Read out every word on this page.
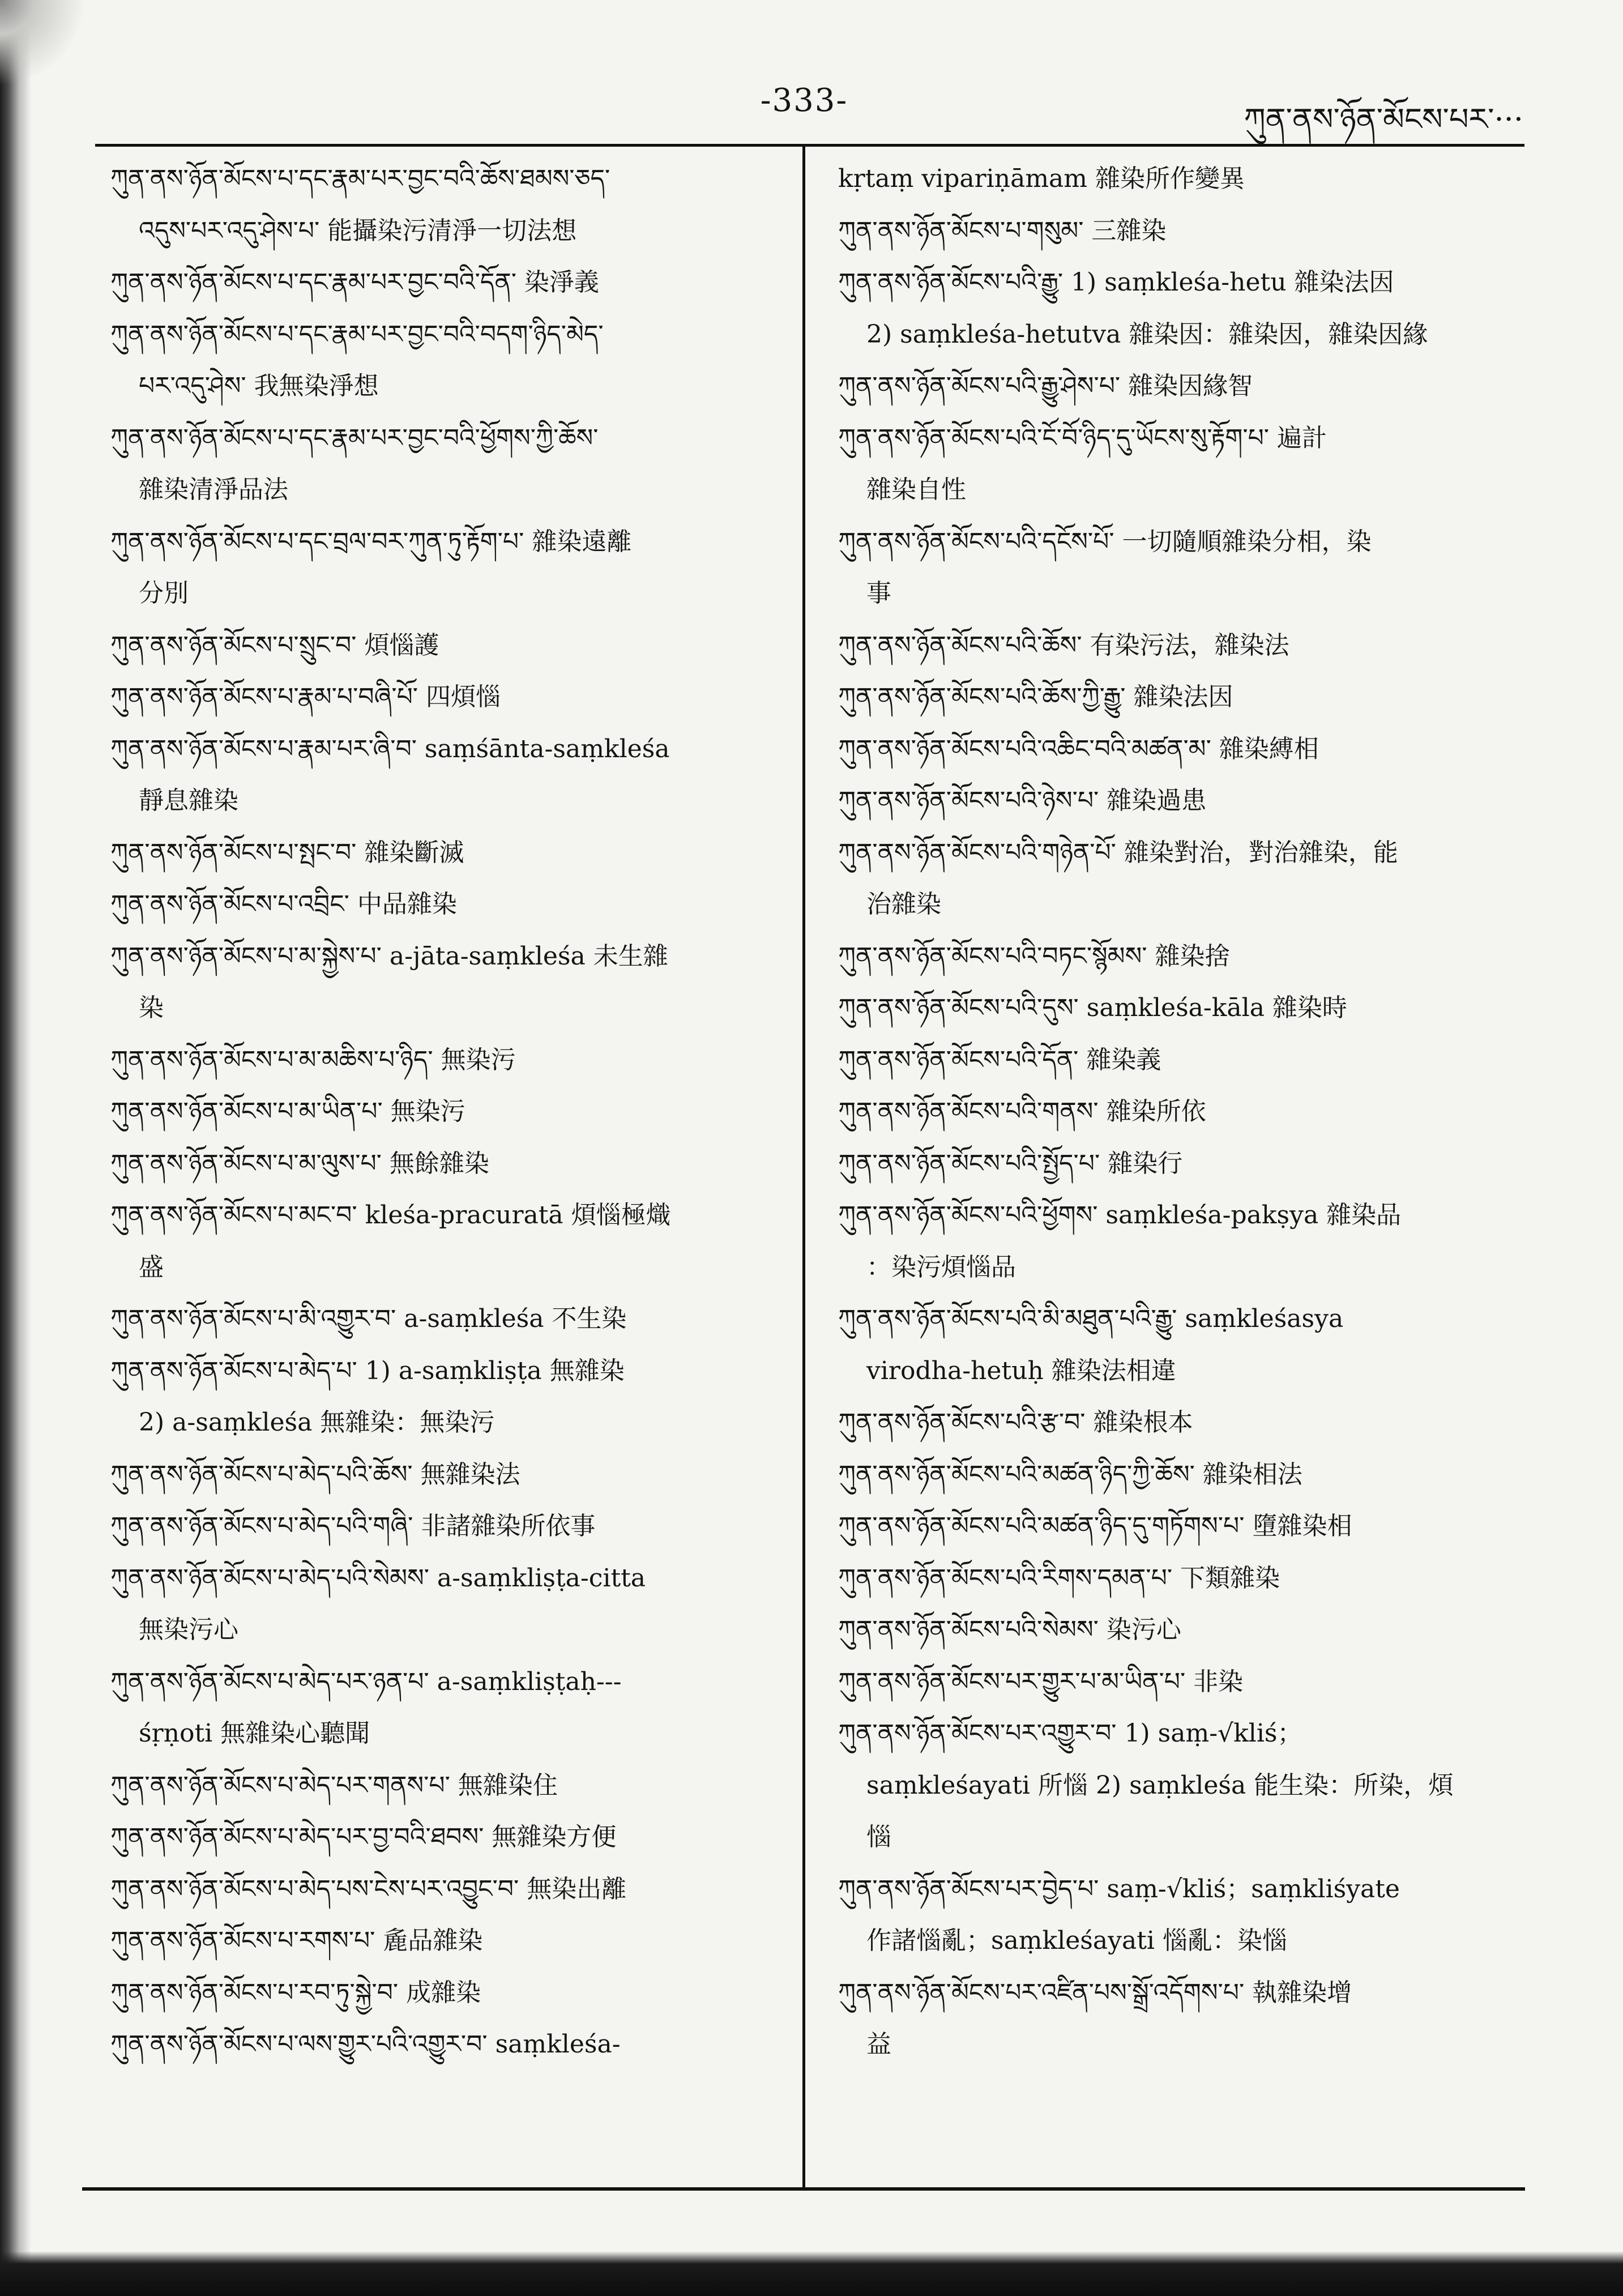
-333-
ཀུན་ནས་ཉོན་མོངས་པར་···

ཀུན་ནས་ཉོན་མོངས་པ་དང་རྣམ་པར་བྱང་བའི་ཆོས་ཐམས་ཅད་

འདུས་པར་འདུ་ཤེས་པ་ 能攝染污清淨一切法想

ཀུན་ནས་ཉོན་མོངས་པ་དང་རྣམ་པར་བྱང་བའི་དོན་ 染淨義

ཀུན་ནས་ཉོན་མོངས་པ་དང་རྣམ་པར་བྱང་བའི་བདག་ཉིད་མེད་

པར་འདུ་ཤེས་ 我無染淨想

ཀུན་ནས་ཉོན་མོངས་པ་དང་རྣམ་པར་བྱང་བའི་ཕྱོགས་ཀྱི་ཆོས་

雜染清淨品法

ཀུན་ནས་ཉོན་མོངས་པ་དང་བྲལ་བར་ཀུན་ཏུ་རྟོག་པ་ 雜染遠離

分別

ཀུན་ནས་ཉོན་མོངས་པ་སྲུང་བ་ 煩惱護

ཀུན་ནས་ཉོན་མོངས་པ་རྣམ་པ་བཞི་པོ་ 四煩惱

ཀུན་ནས་ཉོན་མོངས་པ་རྣམ་པར་ཞི་བ་ saṃśānta-saṃkleśa

靜息雜染

ཀུན་ནས་ཉོན་མོངས་པ་སྤང་བ་ 雜染斷滅

ཀུན་ནས་ཉོན་མོངས་པ་འབྲིང་ 中品雜染

ཀུན་ནས་ཉོན་མོངས་པ་མ་སྐྱེས་པ་ a-jāta-saṃkleśa 未生雜

染

ཀུན་ནས་ཉོན་མོངས་པ་མ་མཆིས་པ་ཉིད་ 無染污

ཀུན་ནས་ཉོན་མོངས་པ་མ་ཡིན་པ་ 無染污

ཀུན་ནས་ཉོན་མོངས་པ་མ་ལུས་པ་ 無餘雜染

ཀུན་ནས་ཉོན་མོངས་པ་མང་བ་ kleśa-pracuratā 煩惱極熾

盛

ཀུན་ནས་ཉོན་མོངས་པ་མི་འགྱུར་བ་ a-saṃkleśa 不生染

ཀུན་ནས་ཉོན་མོངས་པ་མེད་པ་ 1) a-saṃkliṣṭa 無雜染

2) a-saṃkleśa 無雜染：無染污

ཀུན་ནས་ཉོན་མོངས་པ་མེད་པའི་ཆོས་ 無雜染法

ཀུན་ནས་ཉོན་མོངས་པ་མེད་པའི་གཞི་ 非諸雜染所依事

ཀུན་ནས་ཉོན་མོངས་པ་མེད་པའི་སེམས་ a-saṃkliṣṭa-citta

無染污心

ཀུན་ནས་ཉོན་མོངས་པ་མེད་པར་ཉན་པ་ a-saṃkliṣṭaḥ---

śṛṇoti 無雜染心聽聞

ཀུན་ནས་ཉོན་མོངས་པ་མེད་པར་གནས་པ་ 無雜染住

ཀུན་ནས་ཉོན་མོངས་པ་མེད་པར་བྱ་བའི་ཐབས་ 無雜染方便

ཀུན་ནས་ཉོན་མོངས་པ་མེད་པས་ངེས་པར་འབྱུང་བ་ 無染出離

ཀུན་ནས་ཉོན་མོངས་པ་རགས་པ་ 麁品雜染

ཀུན་ནས་ཉོན་མོངས་པ་རབ་ཏུ་སྐྱེ་བ་ 成雜染

ཀུན་ནས་ཉོན་མོངས་པ་ལས་གྱུར་པའི་འགྱུར་བ་ saṃkleśa-

kṛtaṃ vipariṇāmam 雜染所作變異

ཀུན་ནས་ཉོན་མོངས་པ་གསུམ་ 三雜染

ཀུན་ནས་ཉོན་མོངས་པའི་རྒྱུ་ 1) saṃkleśa-hetu 雜染法因

2) saṃkleśa-hetutva 雜染因：雜染因，雜染因緣

ཀུན་ནས་ཉོན་མོངས་པའི་རྒྱུ་ཤེས་པ་ 雜染因緣智

ཀུན་ནས་ཉོན་མོངས་པའི་ངོ་བོ་ཉིད་དུ་ཡོངས་སུ་རྟོག་པ་ 遍計

雜染自性

ཀུན་ནས་ཉོན་མོངས་པའི་དངོས་པོ་ 一切隨順雜染分相，染

事

ཀུན་ནས་ཉོན་མོངས་པའི་ཆོས་ 有染污法，雜染法

ཀུན་ནས་ཉོན་མོངས་པའི་ཆོས་ཀྱི་རྒྱུ་ 雜染法因

ཀུན་ནས་ཉོན་མོངས་པའི་འཆིང་བའི་མཚན་མ་ 雜染縛相

ཀུན་ནས་ཉོན་མོངས་པའི་ཉེས་པ་ 雜染過患

ཀུན་ནས་ཉོན་མོངས་པའི་གཉེན་པོ་ 雜染對治，對治雜染，能

治雜染

ཀུན་ནས་ཉོན་མོངས་པའི་བཏང་སྙོམས་ 雜染捨

ཀུན་ནས་ཉོན་མོངས་པའི་དུས་ saṃkleśa-kāla 雜染時

ཀུན་ནས་ཉོན་མོངས་པའི་དོན་ 雜染義

ཀུན་ནས་ཉོན་མོངས་པའི་གནས་ 雜染所依

ཀུན་ནས་ཉོན་མོངས་པའི་སྤྱོད་པ་ 雜染行

ཀུན་ནས་ཉོན་མོངས་པའི་ཕྱོགས་ saṃkleśa-pakṣya 雜染品

：染污煩惱品

ཀུན་ནས་ཉོན་མོངས་པའི་མི་མཐུན་པའི་རྒྱུ་ saṃkleśasya

virodha-hetuḥ 雜染法相違

ཀུན་ནས་ཉོན་མོངས་པའི་རྩ་བ་ 雜染根本

ཀུན་ནས་ཉོན་མོངས་པའི་མཚན་ཉིད་ཀྱི་ཆོས་ 雜染相法

ཀུན་ནས་ཉོན་མོངས་པའི་མཚན་ཉིད་དུ་གཏོགས་པ་ 墮雜染相

ཀུན་ནས་ཉོན་མོངས་པའི་རིགས་དམན་པ་ 下類雜染

ཀུན་ནས་ཉོན་མོངས་པའི་སེམས་ 染污心

ཀུན་ནས་ཉོན་མོངས་པར་གྱུར་པ་མ་ཡིན་པ་ 非染

ཀུན་ནས་ཉོན་མོངས་པར་འགྱུར་བ་ 1) saṃ-√kliś；

saṃkleśayati 所惱 2) saṃkleśa 能生染：所染，煩

惱

ཀུན་ནས་ཉོན་མོངས་པར་བྱེད་པ་ saṃ-√kliś；saṃkliśyate

作諸惱亂；saṃkleśayati 惱亂：染惱

ཀུན་ནས་ཉོན་མོངས་པར་འཛིན་པས་སྒྲོ་འདོགས་པ་ 執雜染增

益
